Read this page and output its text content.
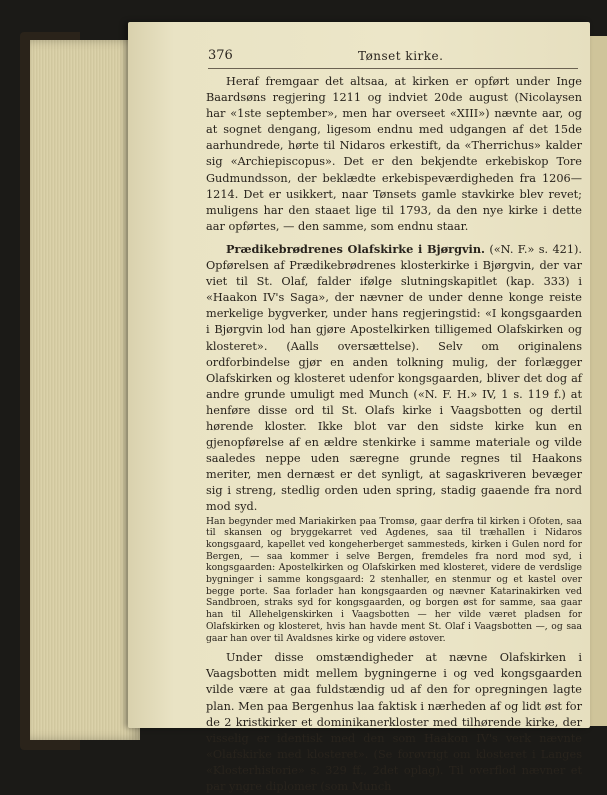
376	Tønset kirke.

Heraf fremgaar det altsaa, at kirken er opført under Inge Baardsøns regjering 1211 og indviet 20de august (Nicolaysen har «1ste september», men har overseet «XIII») nævnte aar, og at sognet dengang, ligesom endnu med udgangen af det 15de aarhundrede, hørte til Nidaros erkestift, da «Therrichus» kalder sig «Archiepiscopus». Det er den bekjendte erkebiskop Tore Gudmundsson, der beklædte erkebispeværdigheden fra 1206—1214. Det er usikkert, naar Tønsets gamle stavkirke blev revet; muligens har den staaet lige til 1793, da den nye kirke i dette aar opførtes, — den samme, som endnu staar.

Prædikebrødrenes Olafskirke i Bjørgvin. («N. F.» s. 421). Opførelsen af Prædikebrødrenes klosterkirke i Bjørgvin, der var viet til St. Olaf, falder ifølge slutningskapitlet (kap. 333) i «Haakon IV's Saga», der nævner de under denne konge reiste merkelige bygverker, under hans regjeringstid: «I kongsgaarden i Bjørgvin lod han gjøre Apostelkirken tilligemed Olafskirken og klosteret». (Aalls oversættelse). Selv om originalens ordforbindelse gjør en anden tolkning mulig, der forlægger Olafskirken og klosteret udenfor kongsgaarden, bliver det dog af andre grunde umuligt med Munch («N. F. H.» IV, 1 s. 119 f.) at henføre disse ord til St. Olafs kirke i Vaagsbotten og dertil hørende kloster. Ikke blot var den sidste kirke kun en gjenopførelse af en ældre stenkirke i samme materiale og vilde saaledes neppe uden særegne grunde regnes til Haakons meriter, men dernæst er det synligt, at sagaskriveren bevæger sig i streng, stedlig orden uden spring, stadig gaaende fra nord mod syd.

Han begynder med Mariakirken paa Tromsø, gaar derfra til kirken i Ofoten, saa til skansen og bryggekarret ved Agdenes, saa til træhallen i Nidaros kongsgaard, kapellet ved kongeherberget sammesteds, kirken i Gulen nord for Bergen, — saa kommer i selve Bergen, fremdeles fra nord mod syd, i kongsgaarden: Apostelkirken og Olafskirken med klosteret, videre de verdslige bygninger i samme kongsgaard: 2 stenhaller, en stenmur og et kastel over begge porte. Saa forlader han kongsgaarden og nævner Katarinakirken ved Sandbroen, straks syd for kongsgaarden, og borgen øst for samme, saa gaar han til Allehelgenskirken i Vaagsbotten — her vilde været pladsen for Olafskirken og klosteret, hvis han havde ment St. Olaf i Vaagsbotten —, og saa gaar han over til Avaldsnes kirke og videre østover.

Under disse omstændigheder at nævne Olafskirken i Vaagsbotten midt mellem bygningerne i og ved kongsgaarden vilde være at gaa fuldstændig ud af den for opregningen lagte plan. Men paa Bergenhus laa faktisk i nærheden af og lidt øst for de 2 kristkirker et dominikanerkloster med tilhørende kirke, der visselig er identisk med den som Haakon IV's verk nævnte «Olafskirke med klosteret». (Se forøvrigt om klosteret i Langes «Klosterhistorie» s. 329 ff., 2det oplag). Til overflod nævner et par yngre diplomer (som Munch
